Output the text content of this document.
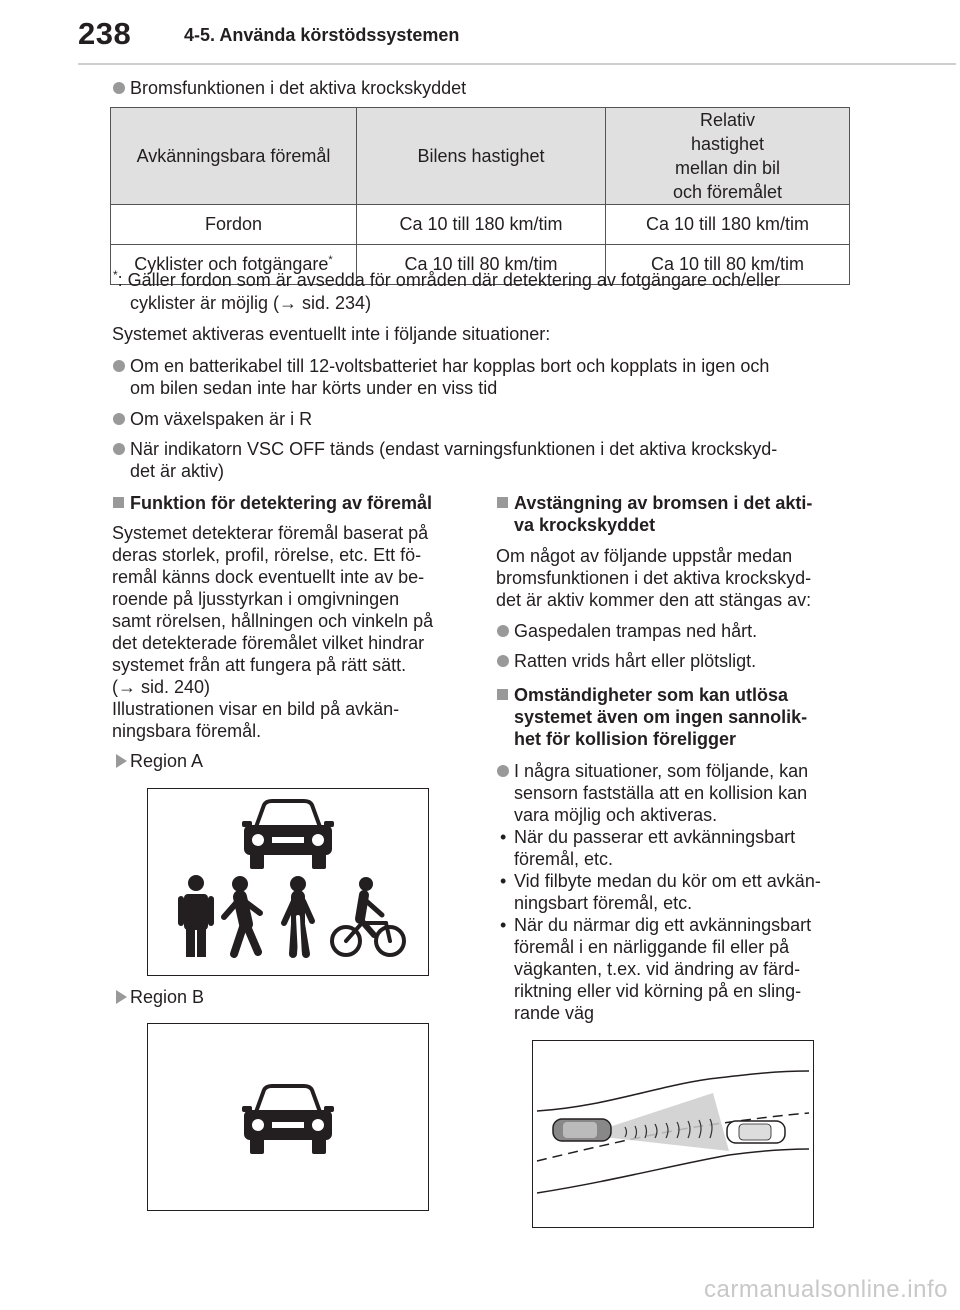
238	4-5. Använda körstödssystemen
Bromsfunktionen i det aktiva krockskyddet
Avkänningsbara föremål	Bilens hastighet	Relativ hastighet mellan din bil och föremålet

Fordon	Ca 10 till 180 km/tim	Ca 10 till 180 km/tim
Cyklister och fotgängare*	Ca 10 till 80 km/tim	Ca 10 till 80 km/tim
*: Gäller fordon som är avsedda för områden där detektering av fotgängare och/eller
cyklister är möjlig (→ sid. 234)
Systemet aktiveras eventuellt inte i följande situationer:
Om en batterikabel till 12-voltsbatteriet har kopplas bort och kopplats in igen och
om bilen sedan inte har körts under en viss tid
Om växelspaken är i R
När indikatorn VSC OFF tänds (endast varningsfunktionen i det aktiva krockskyd-
det är aktiv)
Funktion för detektering av föremål
Systemet detekterar föremål baserat på
deras storlek, profil, rörelse, etc. Ett fö-
remål känns dock eventuellt inte av be-
roende på ljusstyrkan i omgivningen
samt rörelsen, hållningen och vinkeln på
det detekterade föremålet vilket hindrar
systemet från att fungera på rätt sätt.
(→ sid. 240)
Illustrationen visar en bild på avkän-
ningsbara föremål.
Region A
Region B
Avstängning av bromsen i det akti-
va krockskyddet
Om något av följande uppstår medan
bromsfunktionen i det aktiva krockskyd-
det är aktiv kommer den att stängas av:
Gaspedalen trampas ned hårt.
Ratten vrids hårt eller plötsligt.
Omständigheter som kan utlösa
systemet även om ingen sannolik-
het för kollision föreligger
I några situationer, som följande, kan
sensorn fastställa att en kollision kan
vara möjlig och aktiveras.
• När du passerar ett avkänningsbart
föremål, etc.
• Vid filbyte medan du kör om ett avkän-
ningsbart föremål, etc.
• När du närmar dig ett avkänningsbart
föremål i en närliggande fil eller på
vägkanten, t.ex. vid ändring av färd-
riktning eller vid körning på en sling-
rande väg
carmanualsonline.info
